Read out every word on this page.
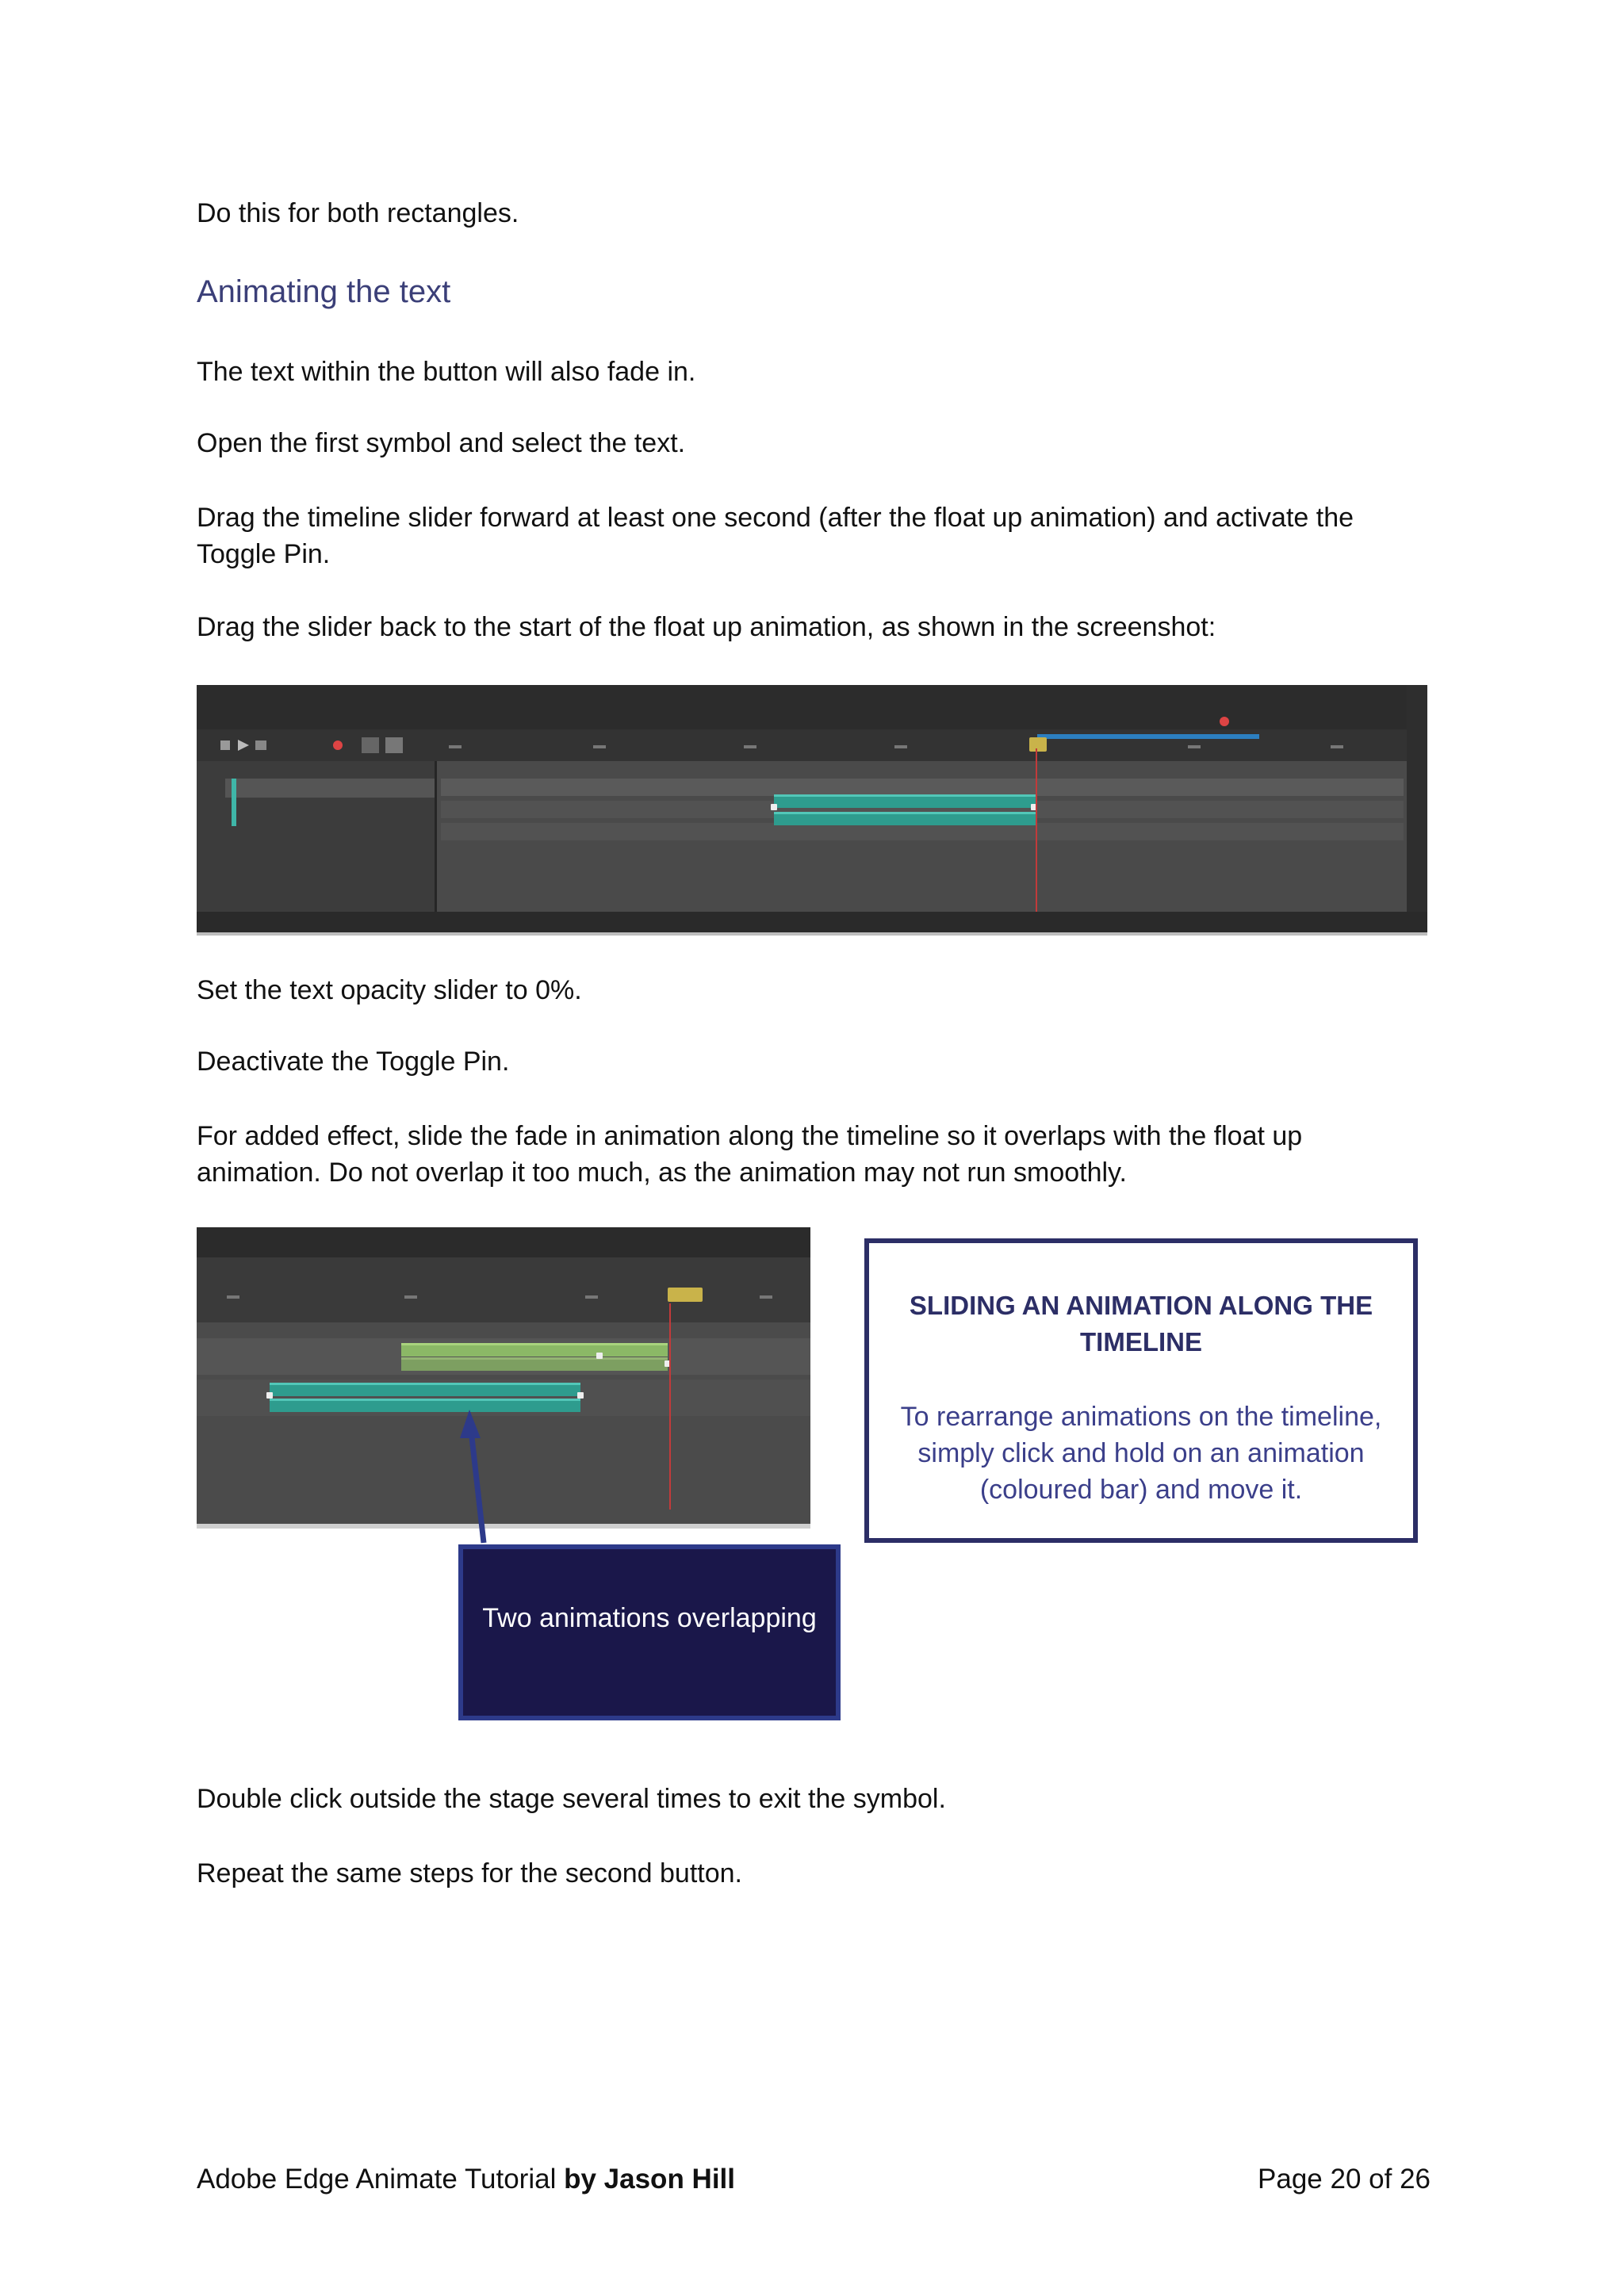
Do this for both rectangles.

Animating the text

The text within the button will also fade in.

Open the first symbol and select the text.

Drag the timeline slider forward at least one second (after the float up animation) and activate the Toggle Pin.

Drag the slider back to the start of the float up animation, as shown in the screenshot:

Set the text opacity slider to 0%.

Deactivate the Toggle Pin.

For added effect, slide the fade in animation along the timeline so it overlaps with the float up animation. Do not overlap it too much, as the animation may not run smoothly.

SLIDING AN ANIMATION ALONG THE TIMELINE
To rearrange animations on the timeline, simply click and hold on an animation (coloured bar) and move it.
Two animations overlapping

Double click outside the stage several times to exit the symbol.

Repeat the same steps for the second button.

Adobe Edge Animate Tutorial by Jason Hill	Page 20 of 26
